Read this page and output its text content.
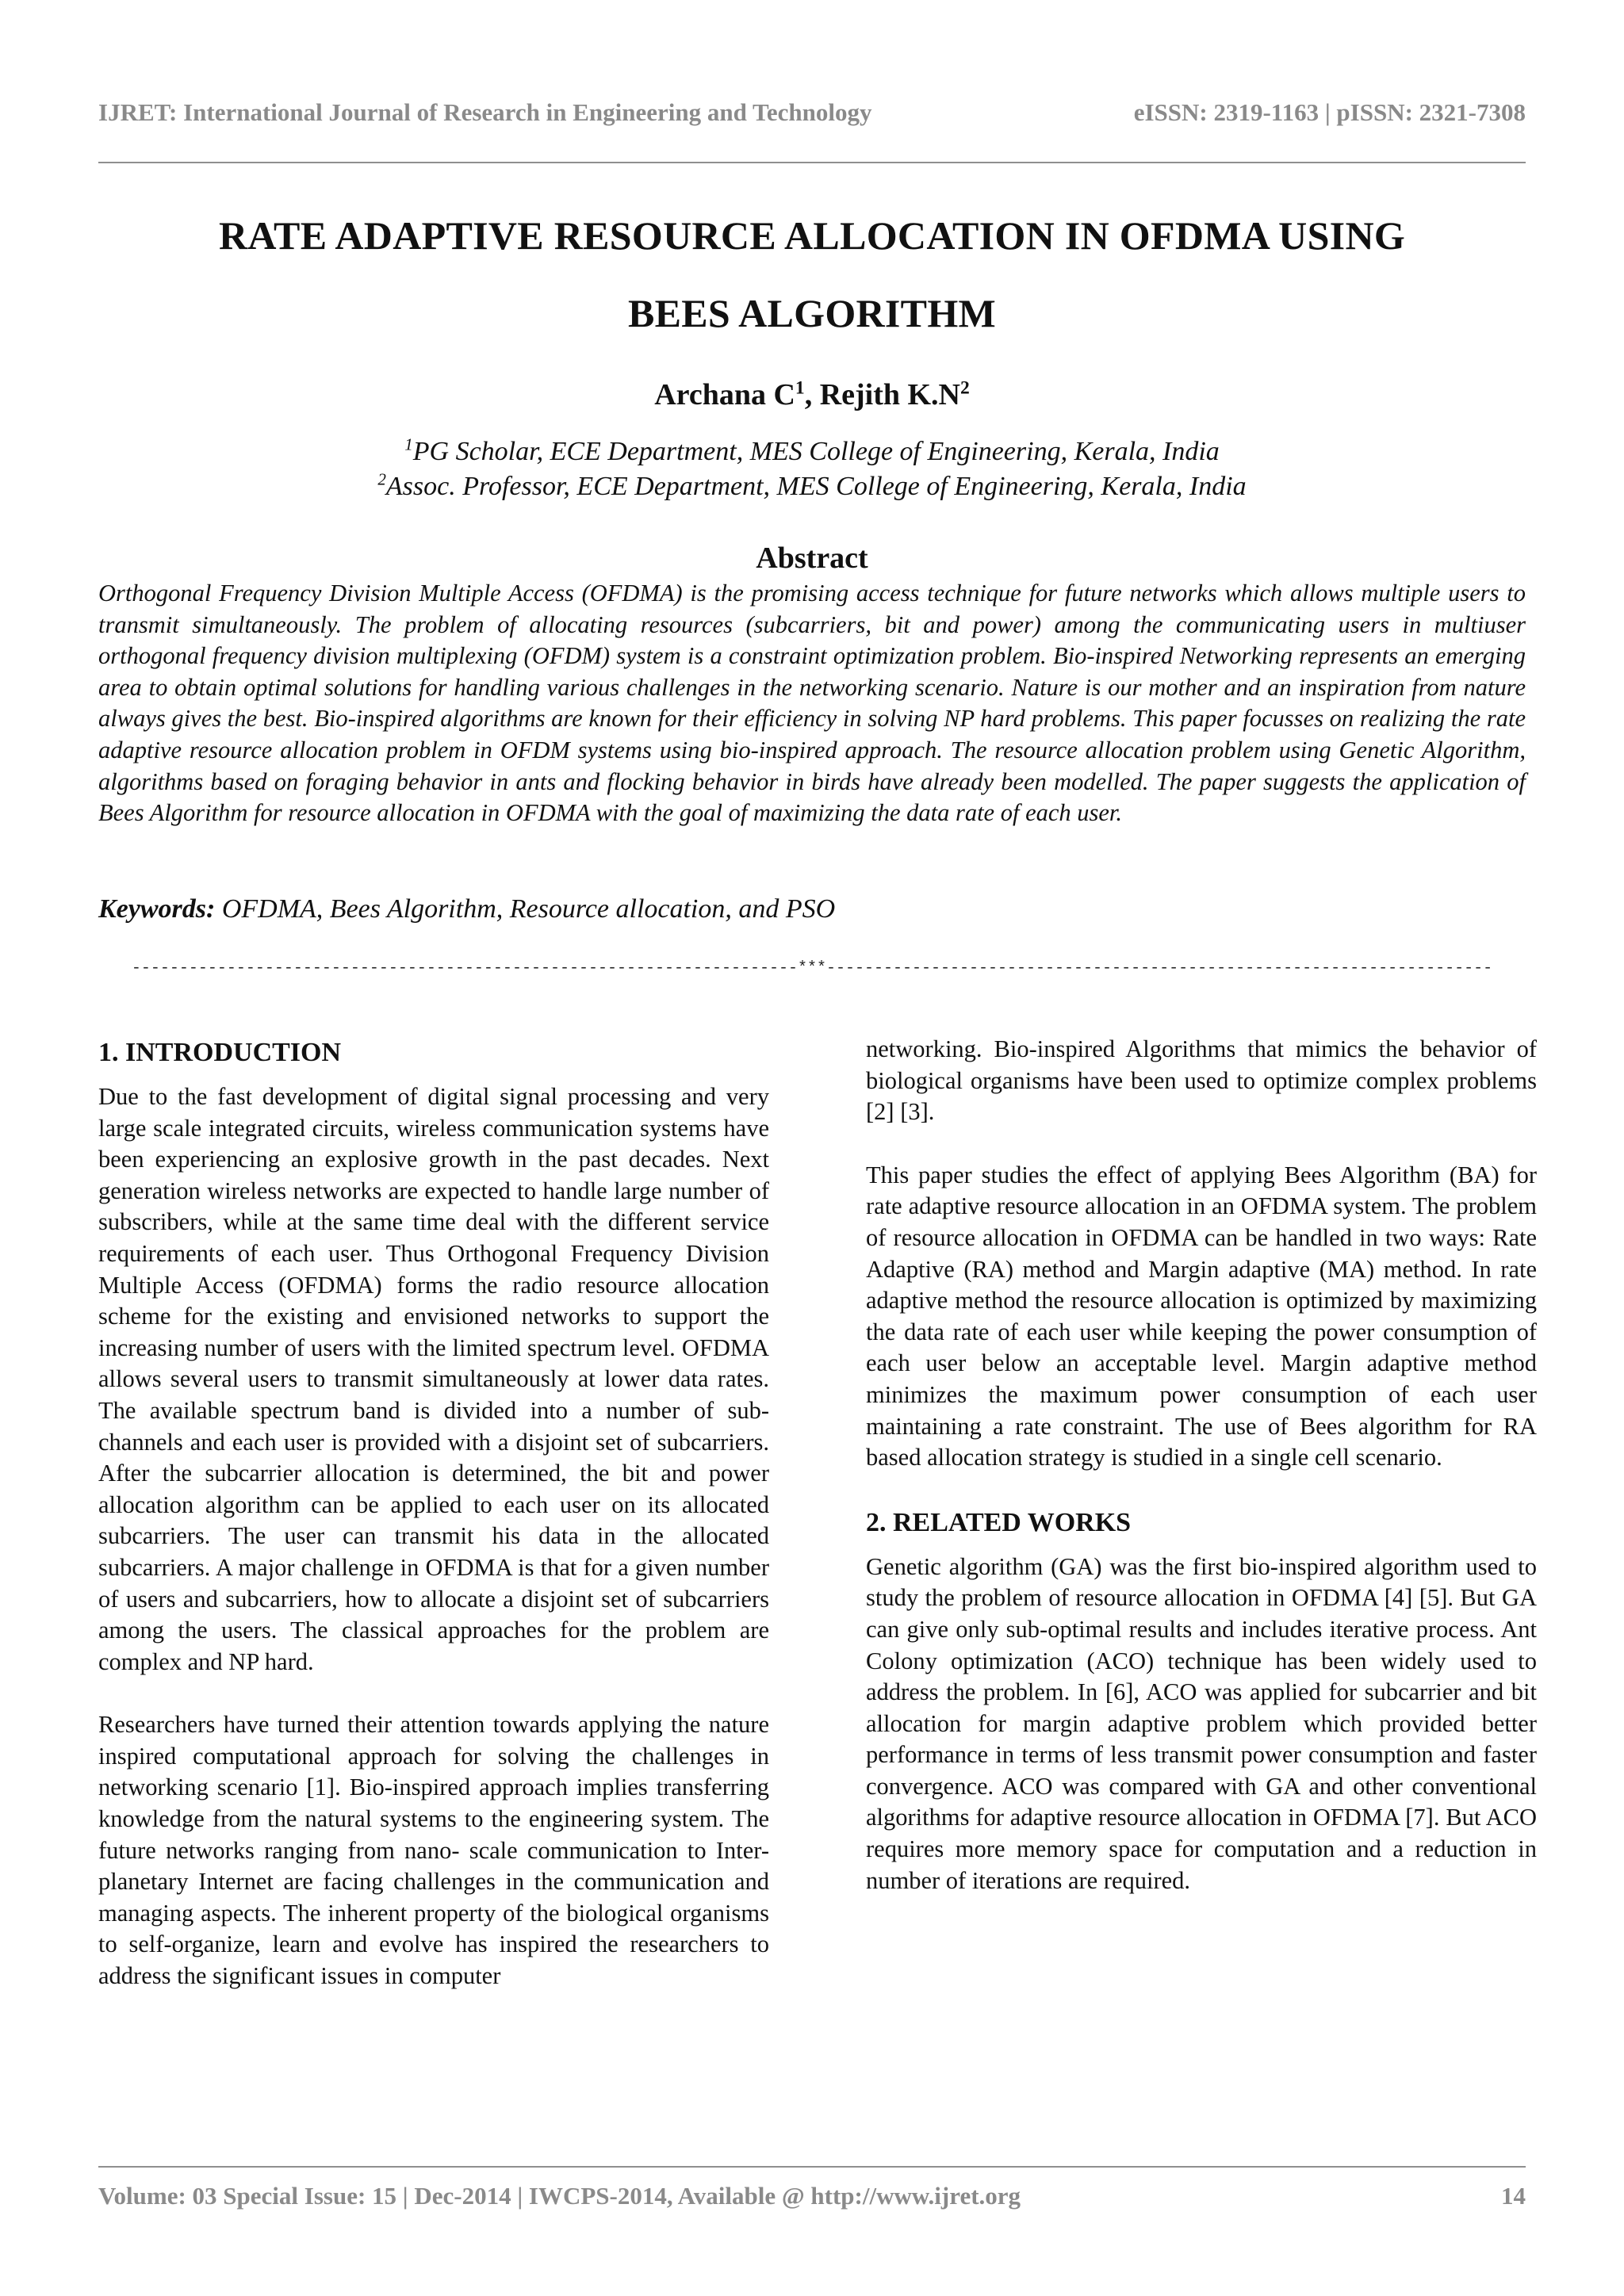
IJRET: International Journal of Research in Engineering and Technology	eISSN: 2319-1163 | pISSN: 2321-7308
RATE ADAPTIVE RESOURCE ALLOCATION IN OFDMA USING
BEES ALGORITHM
Archana $C^1$, Rejith $K.N^2$
$^1$PG Scholar, ECE Department, MES College of Engineering, Kerala, India
$^2$Assoc. Professor, ECE Department, MES College of Engineering, Kerala, India
Abstract
Orthogonal Frequency Division Multiple Access (OFDMA) is the promising access technique for future networks which allows multiple users to transmit simultaneously. The problem of allocating resources (subcarriers, bit and power) among the communicating users in multiuser orthogonal frequency division multiplexing (OFDM) system is a constraint optimization problem. Bio-inspired Networking represents an emerging area to obtain optimal solutions for handling various challenges in the networking scenario. Nature is our mother and an inspiration from nature always gives the best. Bio-inspired algorithms are known for their efficiency in solving NP hard problems. This paper focusses on realizing the rate adaptive resource allocation problem in OFDM systems using bio-inspired approach. The resource allocation problem using Genetic Algorithm, algorithms based on foraging behavior in ants and flocking behavior in birds have already been modelled. The paper suggests the application of Bees Algorithm for resource allocation in OFDMA with the goal of maximizing the data rate of each user.
Keywords: OFDMA, Bees Algorithm, Resource allocation, and PSO
----------------------------------------------------------------------***----------------------------------------------------------------------
1. INTRODUCTION

Due to the fast development of digital signal processing and very large scale integrated circuits, wireless communication systems have been experiencing an explosive growth in the past decades. Next generation wireless networks are expected to handle large number of subscribers, while at the same time deal with the different service requirements of each user. Thus Orthogonal Frequency Division Multiple Access (OFDMA) forms the radio resource allocation scheme for the existing and envisioned networks to support the increasing number of users with the limited spectrum level. OFDMA allows several users to transmit simultaneously at lower data rates. The available spectrum band is divided into a number of sub-channels and each user is provided with a disjoint set of subcarriers. After the subcarrier allocation is determined, the bit and power allocation algorithm can be applied to each user on its allocated subcarriers. The user can transmit his data in the allocated subcarriers. A major challenge in OFDMA is that for a given number of users and subcarriers, how to allocate a disjoint set of subcarriers among the users. The classical approaches for the problem are complex and NP hard.

Researchers have turned their attention towards applying the nature inspired computational approach for solving the challenges in networking scenario [1]. Bio-inspired approach implies transferring knowledge from the natural systems to the engineering system. The future networks ranging from nano- scale communication to Inter-planetary Internet are facing challenges in the communication and managing aspects. The inherent property of the biological organisms to self-organize, learn and evolve has inspired the researchers to address the significant issues in computer

networking. Bio-inspired Algorithms that mimics the behavior of biological organisms have been used to optimize complex problems [2] [3].

This paper studies the effect of applying Bees Algorithm (BA) for rate adaptive resource allocation in an OFDMA system. The problem of resource allocation in OFDMA can be handled in two ways: Rate Adaptive (RA) method and Margin adaptive (MA) method. In rate adaptive method the resource allocation is optimized by maximizing the data rate of each user while keeping the power consumption of each user below an acceptable level. Margin adaptive method minimizes the maximum power consumption of each user maintaining a rate constraint. The use of Bees algorithm for RA based allocation strategy is studied in a single cell scenario.

2. RELATED WORKS

Genetic algorithm (GA) was the first bio-inspired algorithm used to study the problem of resource allocation in OFDMA [4] [5]. But GA can give only sub-optimal results and includes iterative process. Ant Colony optimization (ACO) technique has been widely used to address the problem. In [6], ACO was applied for subcarrier and bit allocation for margin adaptive problem which provided better performance in terms of less transmit power consumption and faster convergence. ACO was compared with GA and other conventional algorithms for adaptive resource allocation in OFDMA [7]. But ACO requires more memory space for computation and a reduction in number of iterations are required.

Volume: 03 Special Issue: 15 | Dec-2014 | IWCPS-2014, Available @ http://www.ijret.org	14
